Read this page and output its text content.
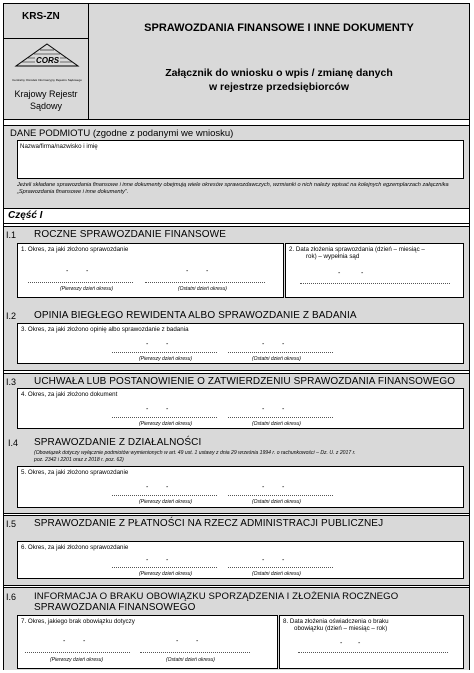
KRS-ZN
CORS
Centralny Ośrodek Informacyjny Rejestru Sądowego
Krajowy Rejestr
Sądowy
SPRAWOZDANIA FINANSOWE I INNE DOKUMENTY
Załącznik do wniosku o wpis / zmianę danych
w rejestrze przedsiębiorców
DANE PODMIOTU (zgodne z podanymi we wniosku)
Nazwa/firma/nazwisko i imię
Jeżeli składane sprawozdania finansowe i inne dokumenty obejmują wiele okresów sprawozdawczych, wzmianki o nich należy wpisać na kolejnych egzemplarzach załącznika „Sprawozdania finansowe i inne dokumenty”.
Część I
I.1 ROCZNE SPRAWOZDANIE FINANSOWE
1. Okres, za jaki złożono sprawozdanie
-	-	-	-
(Pierwszy dzień okresu)	(Ostatni dzień okresu)
2. Data złożenia sprawozdania (dzień – miesiąc –
rok) – wypełnia sąd
-	-
I.2 OPINIA BIEGŁEGO REWIDENTA ALBO SPRAWOZDANIE Z BADANIA
3. Okres, za jaki złożono opinię albo sprawozdanie z badania
-	-	-	-
(Pierwszy dzień okresu)	(Ostatni dzień okresu)
I.3 UCHWAŁA LUB POSTANOWIENIE O ZATWIERDZENIU SPRAWOZDANIA FINANSOWEGO
4. Okres, za jaki złożono dokument
-	-	-	-
(Pierwszy dzień okresu)	(Ostatni dzień okresu)
I.4 SPRAWOZDANIE Z DZIAŁALNOŚCI
(Obowiązek dotyczy wyłącznie podmiotów wymienionych w art. 49 ust. 1 ustawy z dnia 29 września 1994 r. o rachunkowości – Dz. U. z 2017 r.
poz. 2342 i 2201 oraz z 2018 r. poz. 62)
5. Okres, za jaki złożono sprawozdanie
-	-	-	-
(Pierwszy dzień okresu)	(Ostatni dzień okresu)
I.5 SPRAWOZDANIE Z PŁATNOŚCI NA RZECZ ADMINISTRACJI PUBLICZNEJ
6. Okres, za jaki złożono sprawozdanie
-	-	-	-
(Pierwszy dzień okresu)	(Ostatni dzień okresu)
I.6 INFORMACJA O BRAKU OBOWIĄZKU SPORZĄDZENIA I ZŁOŻENIA ROCZNEGO
SPRAWOZDANIA FINANSOWEGO
7. Okres, jakiego brak obowiązku dotyczy
-	-	-	-
(Pierwszy dzień okresu)	(Ostatni dzień okresu)
8. Data złożenia oświadczenia o braku
obowiązku (dzień – miesiąc – rok)
- -
